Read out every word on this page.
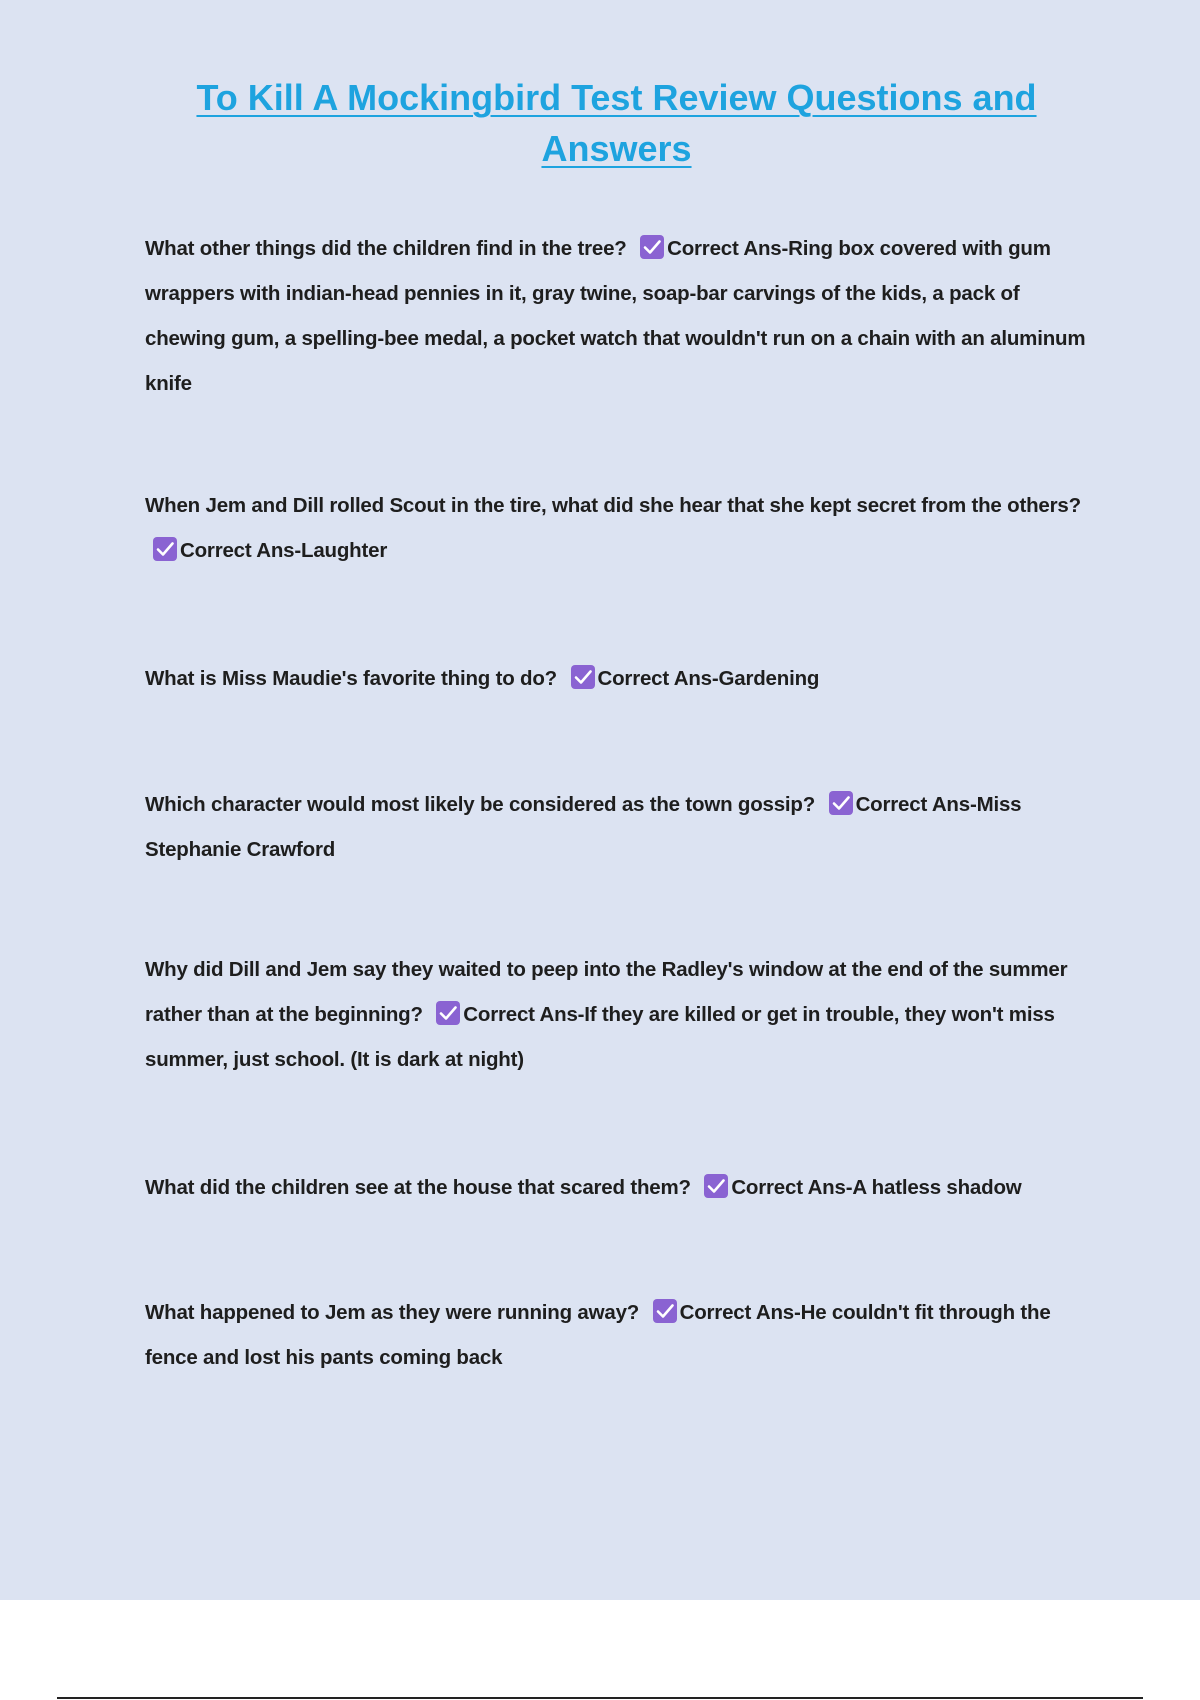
To Kill A Mockingbird Test Review Questions and Answers

What other things did the children find in the tree? Correct Ans-Ring box covered with gum wrappers with indian-head pennies in it, gray twine, soap-bar carvings of the kids, a pack of chewing gum, a spelling-bee medal, a pocket watch that wouldn't run on a chain with an aluminum knife

When Jem and Dill rolled Scout in the tire, what did she hear that she kept secret from the others?
Correct Ans-Laughter

What is Miss Maudie's favorite thing to do? Correct Ans-Gardening

Which character would most likely be considered as the town gossip? Correct Ans-Miss Stephanie Crawford

Why did Dill and Jem say they waited to peep into the Radley's window at the end of the summer rather than at the beginning? Correct Ans-If they are killed or get in trouble, they won't miss summer, just school. (It is dark at night)

What did the children see at the house that scared them? Correct Ans-A hatless shadow

What happened to Jem as they were running away? Correct Ans-He couldn't fit through the fence and lost his pants coming back
